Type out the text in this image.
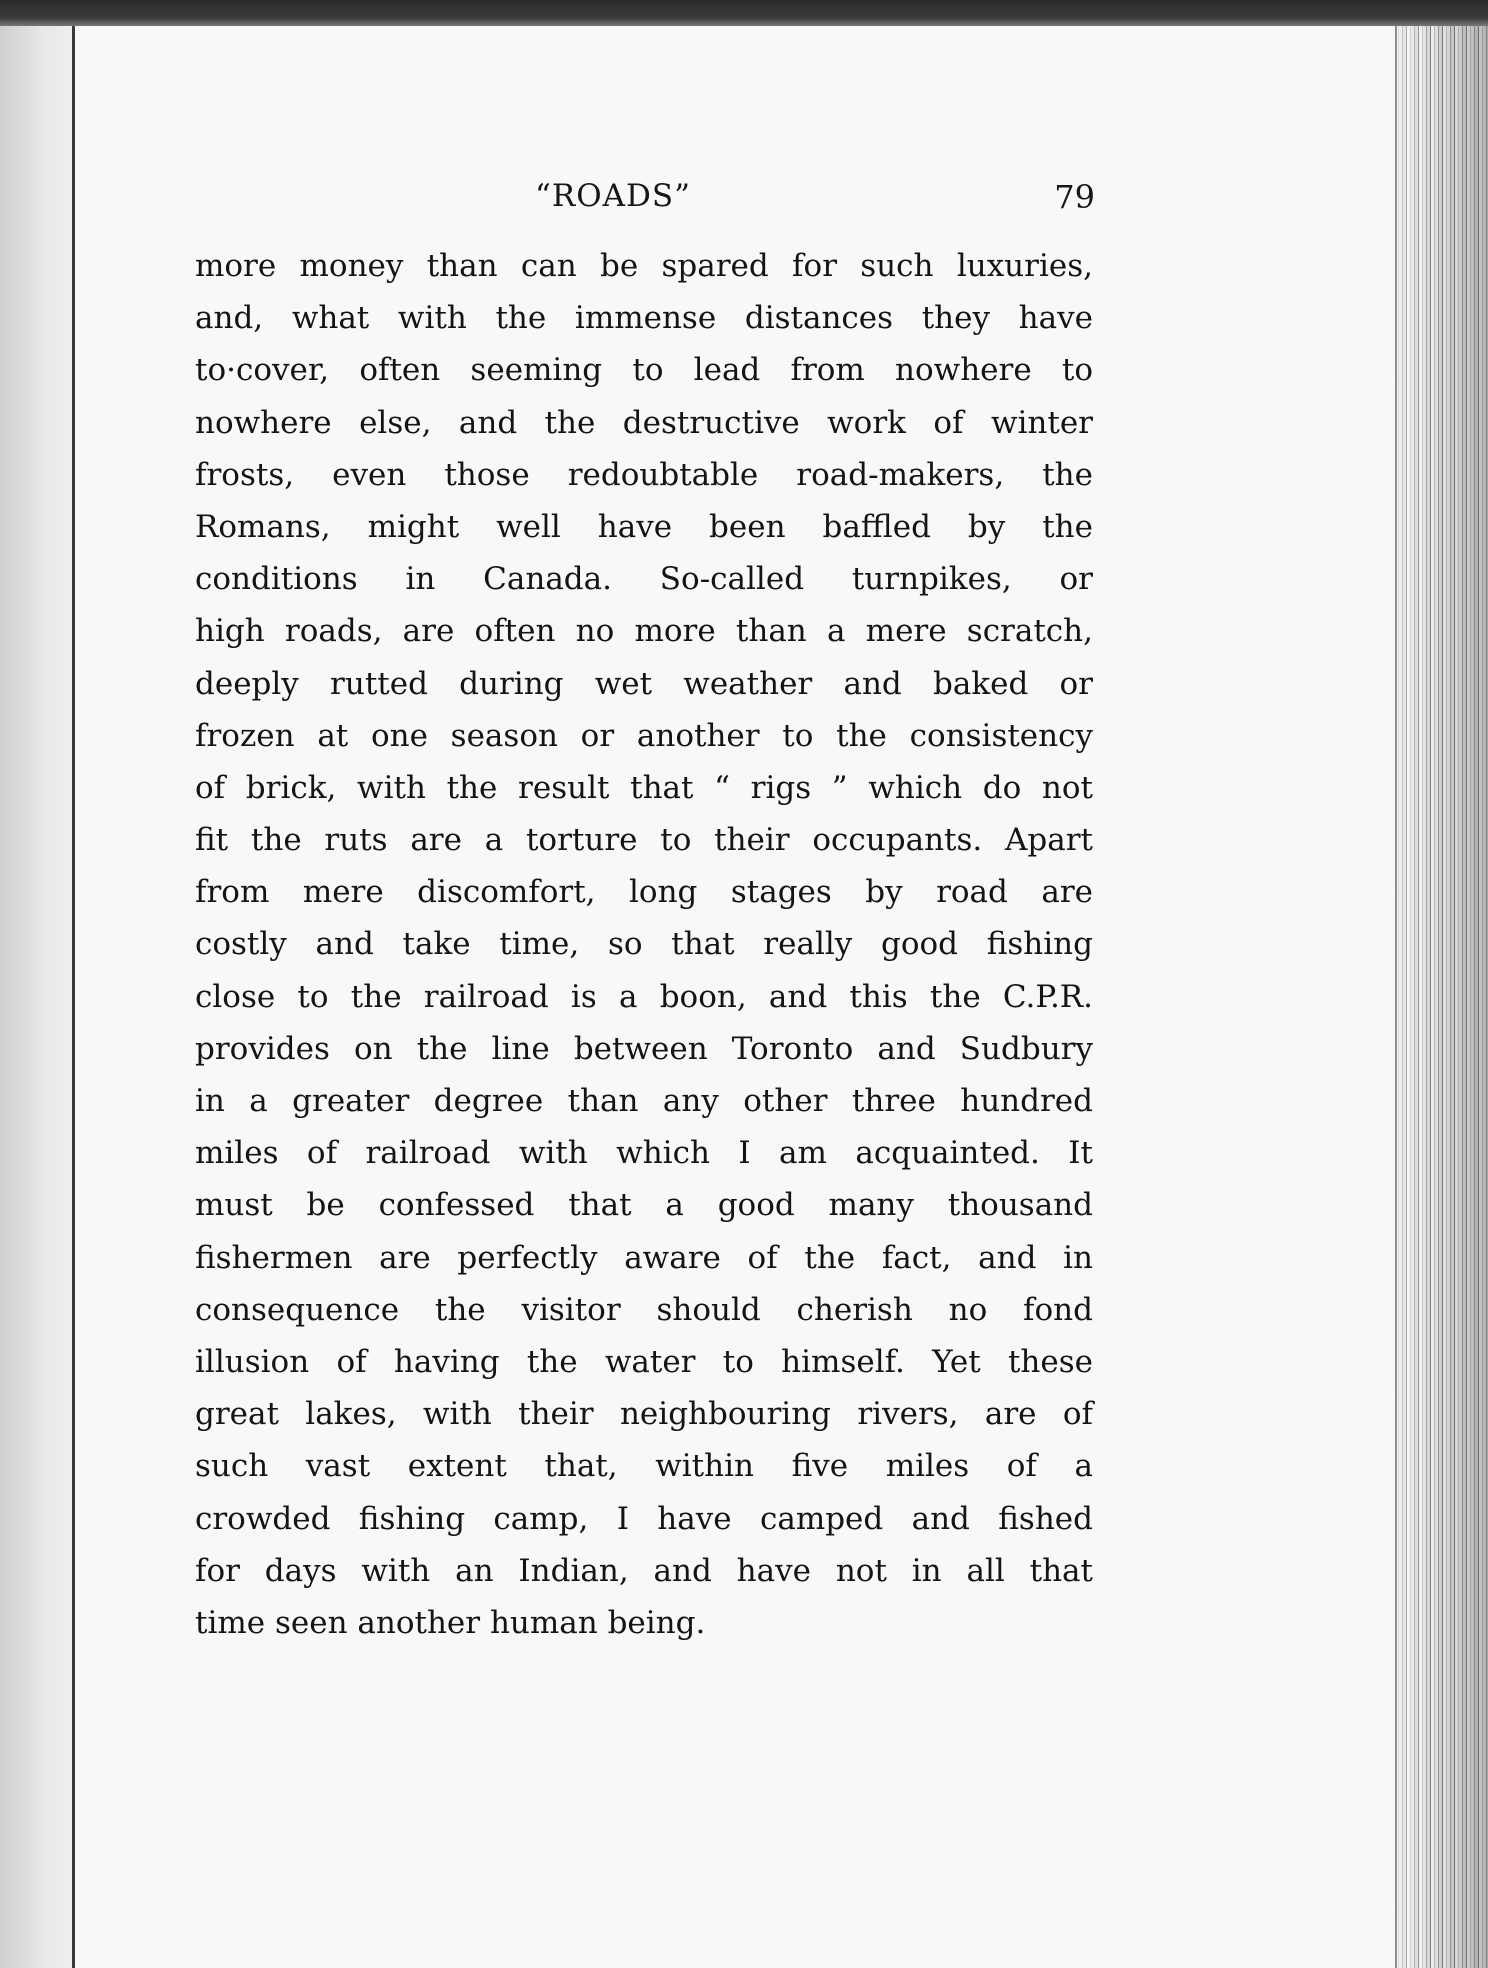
“ROADS”	79
more money than can be spared for such luxuries,
and, what with the immense distances they have
to·cover, often seeming to lead from nowhere to
nowhere else, and the destructive work of winter
frosts, even those redoubtable road-makers, the
Romans, might well have been baffled by the
conditions in Canada. So-called turnpikes, or
high roads, are often no more than a mere scratch,
deeply rutted during wet weather and baked or
frozen at one season or another to the consistency
of brick, with the result that “ rigs ” which do not
fit the ruts are a torture to their occupants. Apart
from mere discomfort, long stages by road are
costly and take time, so that really good fishing
close to the railroad is a boon, and this the C.P.R.
provides on the line between Toronto and Sudbury
in a greater degree than any other three hundred
miles of railroad with which I am acquainted. It
must be confessed that a good many thousand
fishermen are perfectly aware of the fact, and in
consequence the visitor should cherish no fond
illusion of having the water to himself. Yet these
great lakes, with their neighbouring rivers, are of
such vast extent that, within five miles of a
crowded fishing camp, I have camped and fished
for days with an Indian, and have not in all that
time seen another human being.
